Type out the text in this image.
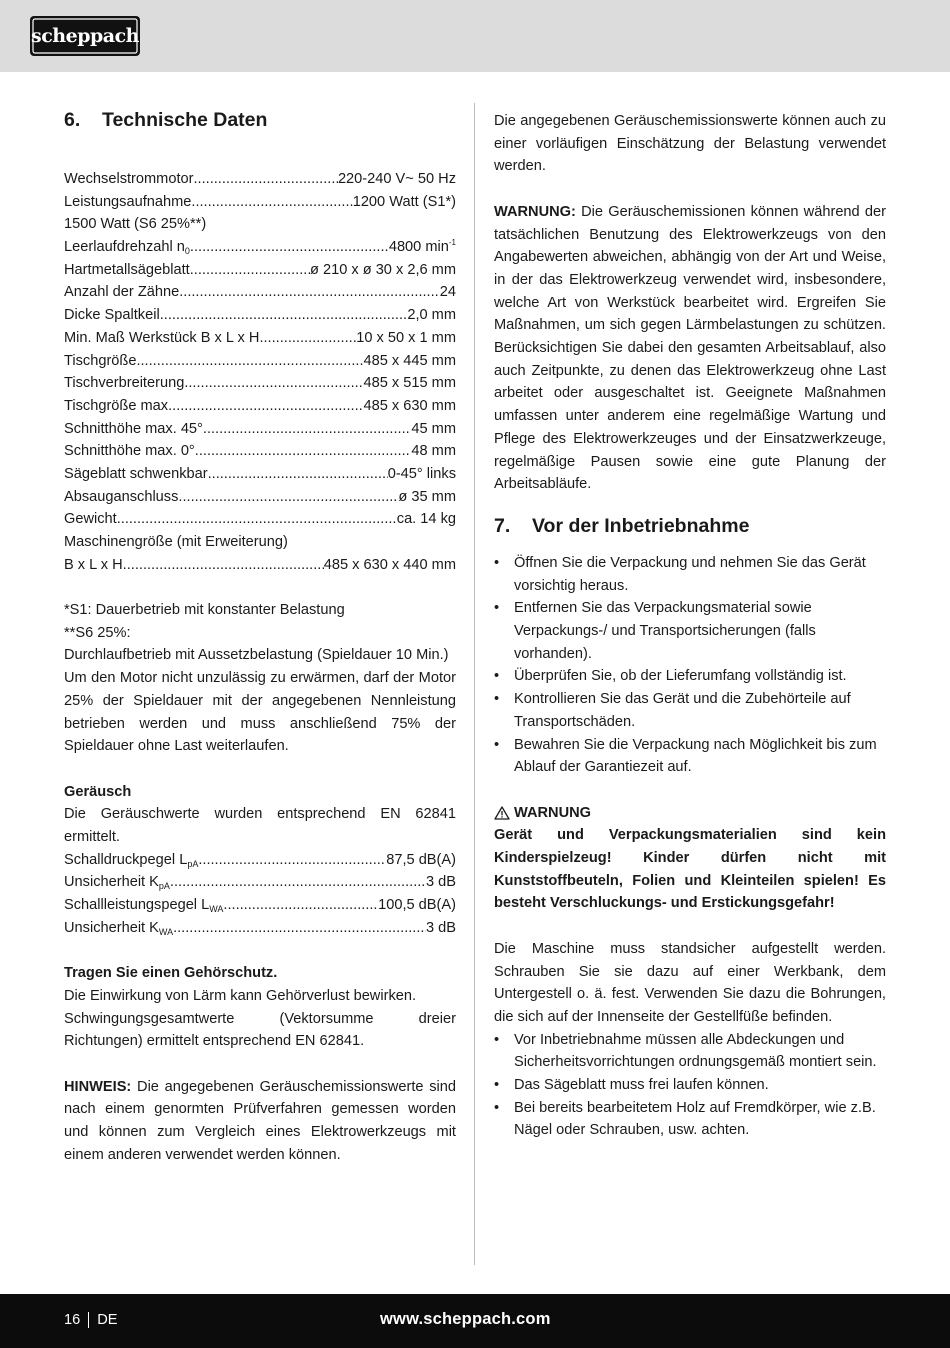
scheppach
6.	Technische Daten
Wechselstrommotor .....	220-240 V~ 50 Hz
Leistungsaufnahme .....	1200 Watt (S1*)
1500 Watt (S6 25%**)
Leerlaufdrehzahl $n_0$ .....	4800 $\min^{-1}$
Hartmetallsägeblatt .....	ø 210 x ø 30 x 2,6 mm
Anzahl der Zähne .....	24
Dicke Spaltkeil .....	2,0 mm
Min. Maß Werkstück B x L x H .....	10 x 50 x 1 mm
Tischgröße .....	485 x 445 mm
Tischverbreiterung .....	485 x 515 mm
Tischgröße max. .....	485 x 630 mm
Schnitthöhe max. 45° .....	45 mm
Schnitthöhe max. 0° .....	48 mm
Sägeblatt schwenkbar .....	0-45° links
Absauganschluss .....	ø 35 mm
Gewicht .....	ca. 14 kg
Maschinengröße (mit Erweiterung)
B x L x H .....	485 x 630 x 440 mm
*S1: Dauerbetrieb mit konstanter Belastung
**S6 25%:

Durchlaufbetrieb mit Aussetzbelastung (Spieldauer 10 Min.)

Um den Motor nicht unzulässig zu erwärmen, darf der Motor 25% der Spieldauer mit der angegebenen Nennleistung betrieben werden und muss anschließend 75% der Spieldauer ohne Last weiterlaufen.

Geräusch

Die Geräuschwerte wurden entsprechend EN 62841 ermittelt.

Schalldruckpegel $L_{pA}$ .....	87,5 dB(A)
Unsicherheit $K_{pA}$ .....	3 dB
Schallleistungspegel $L_{WA}$ .....	100,5 dB(A)
Unsicherheit $K_{WA}$ .....	3 dB
Tragen Sie einen Gehörschutz.

Die Einwirkung von Lärm kann Gehörverlust bewirken.

Schwingungsgesamtwerte (Vektorsumme dreier Richtungen) ermittelt entsprechend EN 62841.

HINWEIS: Die angegebenen Geräuschemissionswerte sind nach einem genormten Prüfverfahren gemessen worden und können zum Vergleich eines Elektrowerkzeugs mit einem anderen verwendet werden können.

Die angegebenen Geräuschemissionswerte können auch zu einer vorläufigen Einschätzung der Belastung verwendet werden.

WARNUNG: Die Geräuschemissionen können während der tatsächlichen Benutzung des Elektrowerkzeugs von den Angabewerten abweichen, abhängig von der Art und Weise, in der das Elektrowerkzeug verwendet wird, insbesondere, welche Art von Werkstück bearbeitet wird. Ergreifen Sie Maßnahmen, um sich gegen Lärmbelastungen zu schützen. Berücksichtigen Sie dabei den gesamten Arbeitsablauf, also auch Zeitpunkte, zu denen das Elektrowerkzeug ohne Last arbeitet oder ausgeschaltet ist. Geeignete Maßnahmen umfassen unter anderem eine regelmäßige Wartung und Pflege des Elektrowerkzeuges und der Einsatzwerkzeuge, regelmäßige Pausen sowie eine gute Planung der Arbeitsabläufe.

7.	Vor der Inbetriebnahme
• Öffnen Sie die Verpackung und nehmen Sie das Gerät vorsichtig heraus.
• Entfernen Sie das Verpackungsmaterial sowie Verpackungs-/ und Transportsicherungen (falls vorhanden).
• Überprüfen Sie, ob der Lieferumfang vollständig ist.
• Kontrollieren Sie das Gerät und die Zubehörteile auf Transportschäden.
• Bewahren Sie die Verpackung nach Möglichkeit bis zum Ablauf der Garantiezeit auf.
WARNUNG

Gerät und Verpackungsmaterialien sind kein Kinderspielzeug! Kinder dürfen nicht mit Kunststoffbeuteln, Folien und Kleinteilen spielen! Es besteht Verschluckungs- und Erstickungsgefahr!

Die Maschine muss standsicher aufgestellt werden. Schrauben Sie sie dazu auf einer Werkbank, dem Untergestell o. ä. fest. Verwenden Sie dazu die Bohrungen, die sich auf der Innenseite der Gestellfüße befinden.

• Vor Inbetriebnahme müssen alle Abdeckungen und Sicherheitsvorrichtungen ordnungsgemäß montiert sein.
• Das Sägeblatt muss frei laufen können.
• Bei bereits bearbeitetem Holz auf Fremdkörper, wie z.B. Nägel oder Schrauben, usw. achten.
16 DE	www.scheppach.com
